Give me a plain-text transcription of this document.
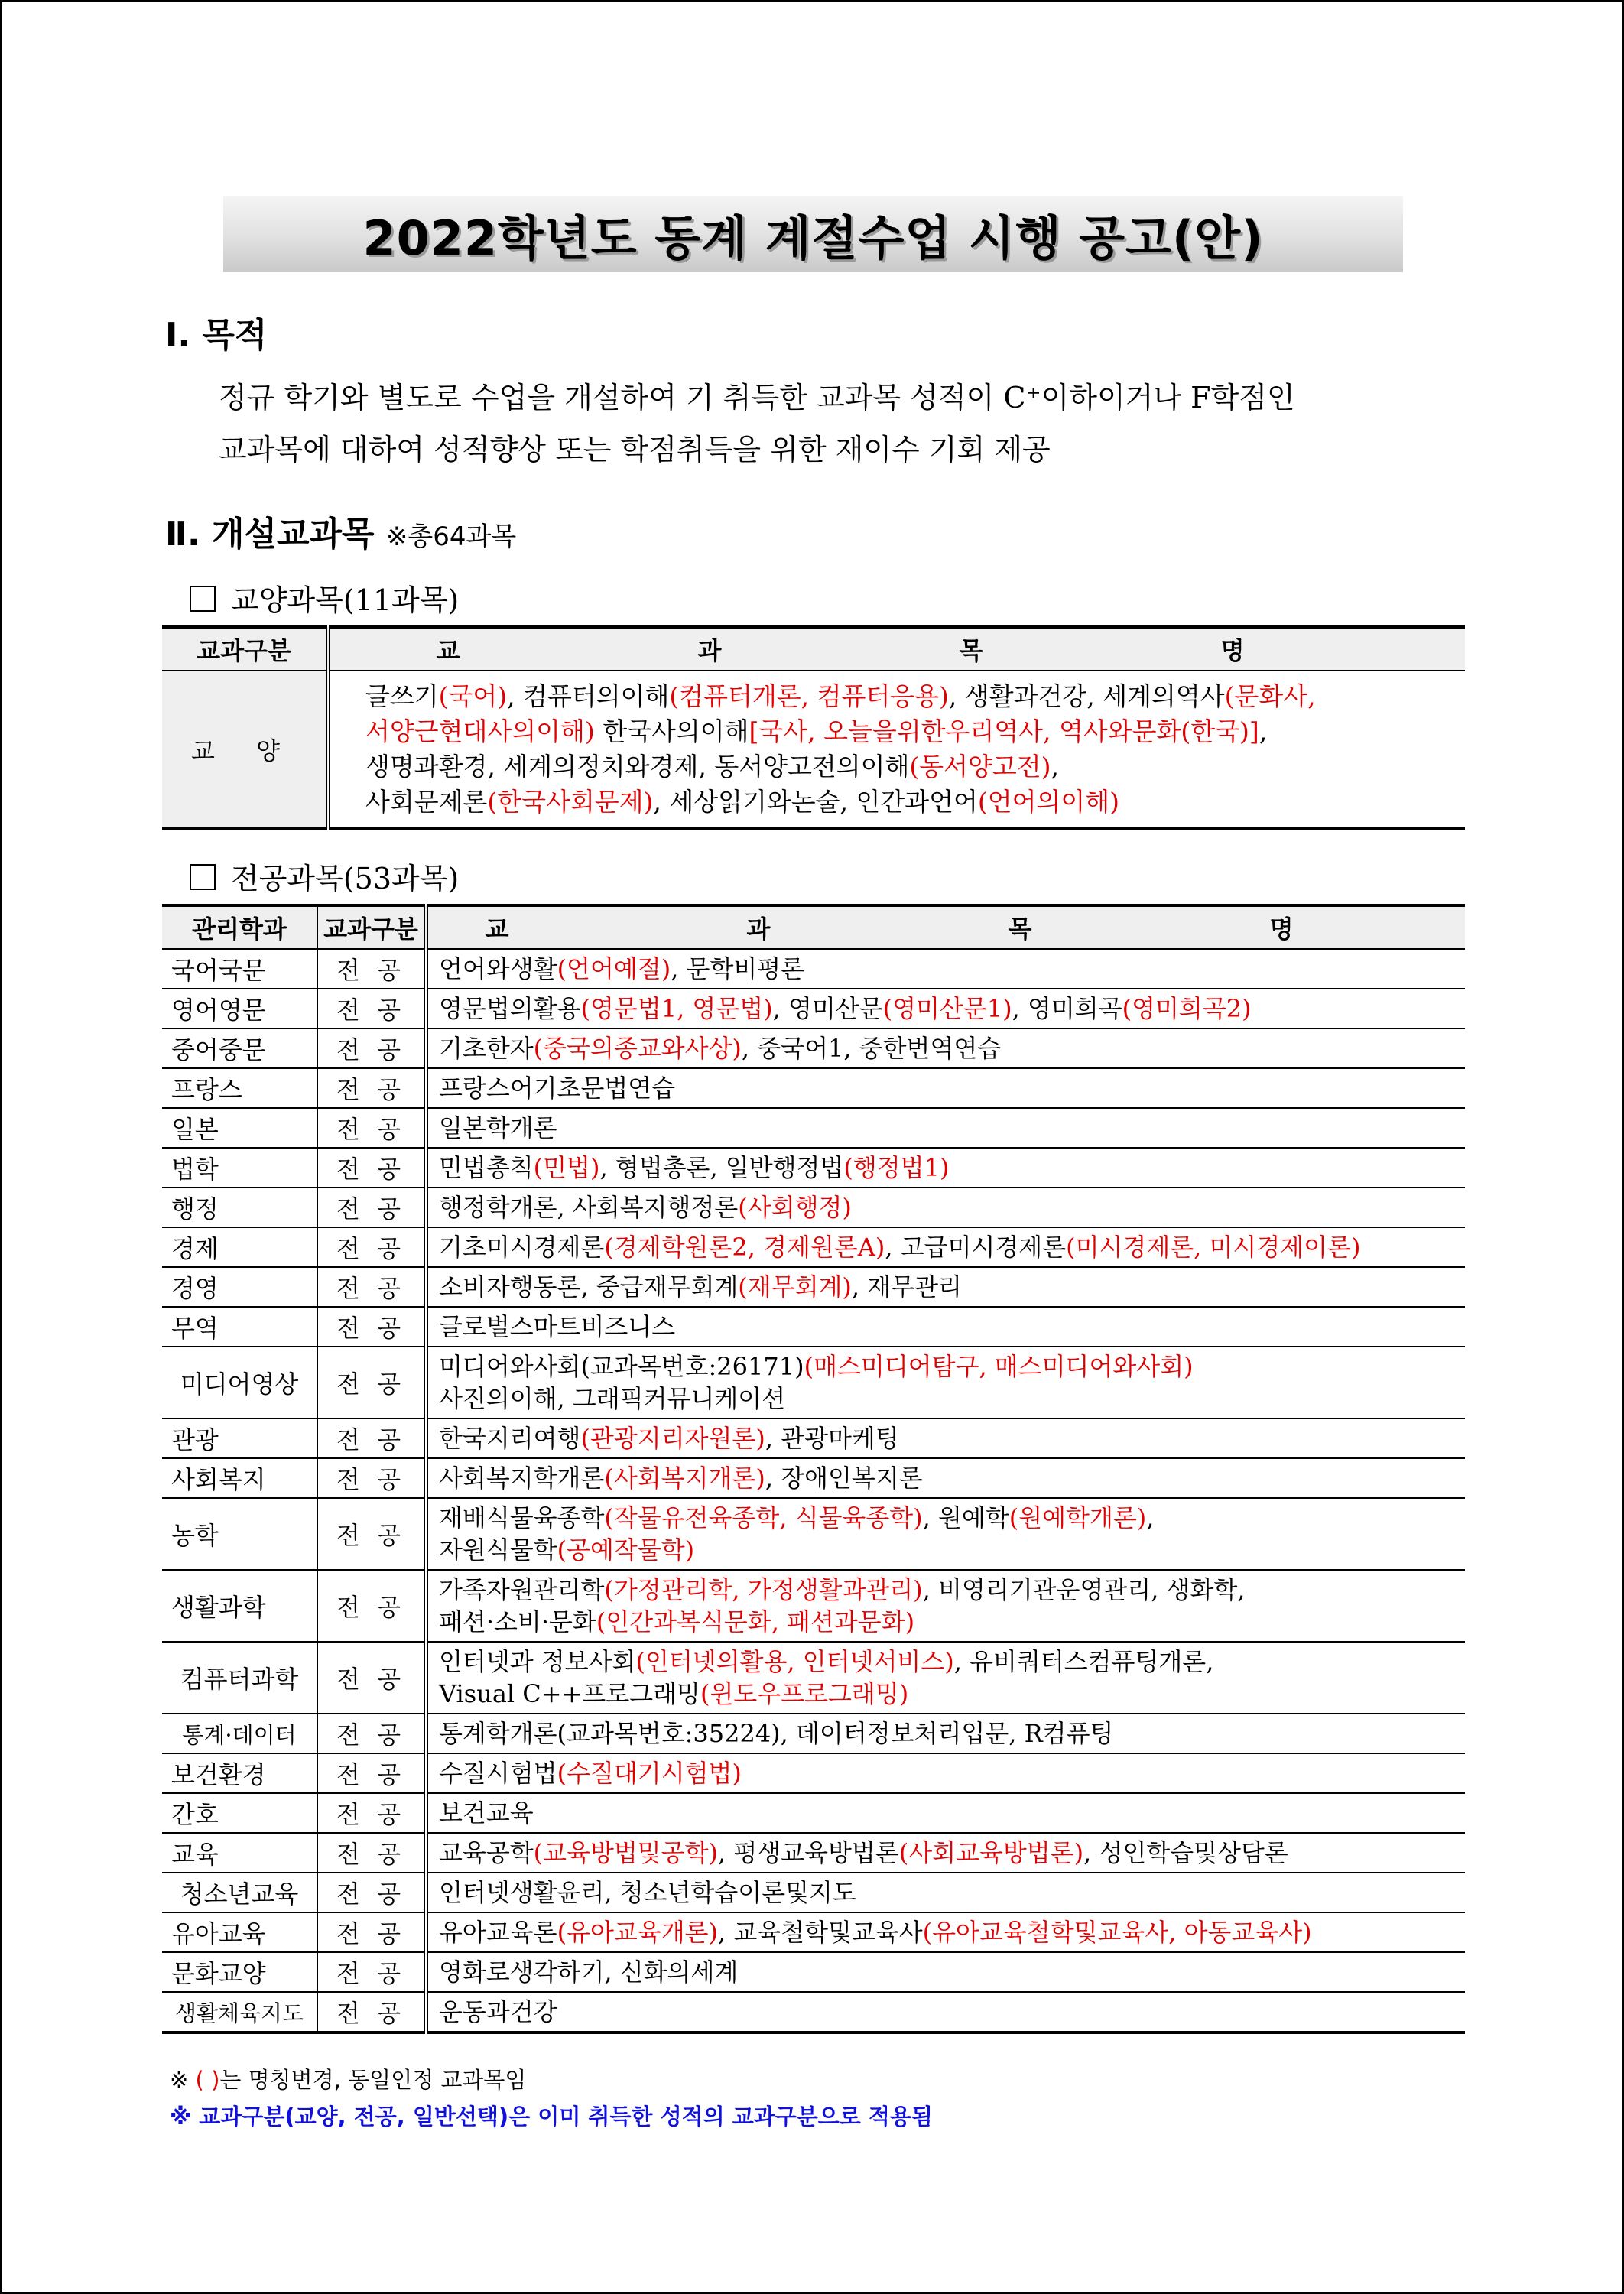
2022학년도 동계 계절수업 시행 공고(안)
Ⅰ. 목적
정규 학기와 별도로 수업을 개설하여 기 취득한 교과목 성적이 C⁺이하이거나 F학점인
교과목에 대하여 성적향상 또는 학점취득을 위한 재이수 기회 제공
Ⅱ. 개설교과목 ※총64과목
교양과목(11과목)
교과구분	교 과 목 명
교 양	글쓰기(국어), 컴퓨터의이해(컴퓨터개론, 컴퓨터응용), 생활과건강, 세계의역사(문화사,
서양근현대사의이해) 한국사의이해[국사, 오늘을위한우리역사, 역사와문화(한국)],
생명과환경, 세계의정치와경제, 동서양고전의이해(동서양고전),
사회문제론(한국사회문제), 세상읽기와논술, 인간과언어(언어의이해)
전공과목(53과목)
관리학과	교과구분	교 과 목 명
국어국문	전 공	언어와생활(언어예절), 문학비평론

영어영문	전 공	영문법의활용(영문법1, 영문법), 영미산문(영미산문1), 영미희곡(영미희곡2)

중어중문	전 공	기초한자(중국의종교와사상), 중국어1, 중한번역연습

프랑스	전 공	프랑스어기초문법연습

일본	전 공	일본학개론

법학	전 공	민법총칙(민법), 형법총론, 일반행정법(행정법1)

행정	전 공	행정학개론, 사회복지행정론(사회행정)

경제	전 공	기초미시경제론(경제학원론2, 경제원론A), 고급미시경제론(미시경제론, 미시경제이론)

경영	전 공	소비자행동론, 중급재무회계(재무회계), 재무관리

무역	전 공	글로벌스마트비즈니스

미디어영상	전 공	미디어와사회(교과목번호:26171)(매스미디어탐구, 매스미디어와사회)
사진의이해, 그래픽커뮤니케이션

관광	전 공	한국지리여행(관광지리자원론), 관광마케팅

사회복지	전 공	사회복지학개론(사회복지개론), 장애인복지론

농학	전 공	재배식물육종학(작물유전육종학, 식물육종학), 원예학(원예학개론),
자원식물학(공예작물학)

생활과학	전 공	가족자원관리학(가정관리학, 가정생활과관리), 비영리기관운영관리, 생화학,
패션·소비·문화(인간과복식문화, 패션과문화)

컴퓨터과학	전 공	인터넷과 정보사회(인터넷의활용, 인터넷서비스), 유비쿼터스컴퓨팅개론,
Visual C++프로그래밍(윈도우프로그래밍)

통계·데이터	전 공	통계학개론(교과목번호:35224), 데이터정보처리입문, R컴퓨팅

보건환경	전 공	수질시험법(수질대기시험법)

간호	전 공	보건교육

교육	전 공	교육공학(교육방법및공학), 평생교육방법론(사회교육방법론), 성인학습및상담론

청소년교육	전 공	인터넷생활윤리, 청소년학습이론및지도

유아교육	전 공	유아교육론(유아교육개론), 교육철학및교육사(유아교육철학및교육사, 아동교육사)

문화교양	전 공	영화로생각하기, 신화의세계

생활체육지도	전 공	운동과건강
※ ( )는 명칭변경, 동일인정 교과목임
※ 교과구분(교양, 전공, 일반선택)은 이미 취득한 성적의 교과구분으로 적용됨
